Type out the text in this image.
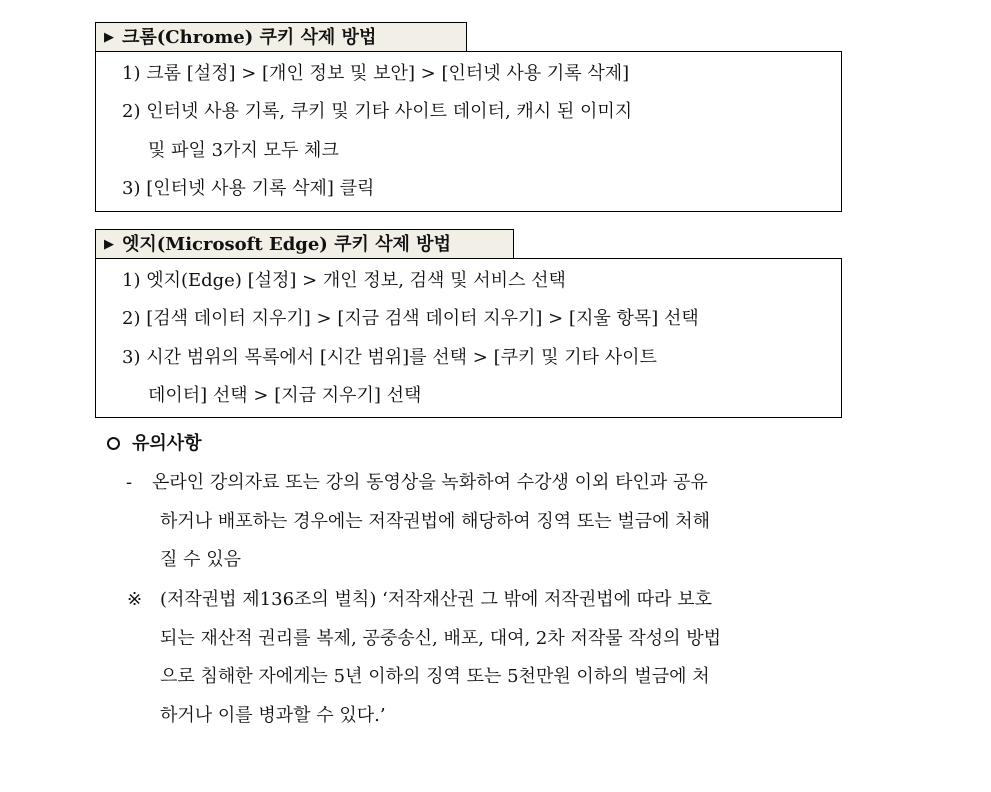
▶ 크롬(Chrome) 쿠키 삭제 방법
1) 크롬 [설정] > [개인 정보 및 보안] > [인터넷 사용 기록 삭제]
2) 인터넷 사용 기록, 쿠키 및 기타 사이트 데이터, 캐시 된 이미지
및 파일 3가지 모두 체크
3) [인터넷 사용 기록 삭제] 클릭
▶ 엣지(Microsoft Edge) 쿠키 삭제 방법
1) 엣지(Edge) [설정] > 개인 정보, 검색 및 서비스 선택
2) [검색 데이터 지우기] > [지금 검색 데이터 지우기] > [지울 항목] 선택
3) 시간 범위의 목록에서 [시간 범위]를 선택 > [쿠키 및 기타 사이트
데이터] 선택 > [지금 지우기] 선택
유의사항
- 온라인 강의자료 또는 강의 동영상을 녹화하여 수강생 이외 타인과 공유
하거나 배포하는 경우에는 저작권법에 해당하여 징역 또는 벌금에 처해
질 수 있음
※ (저작권법 제136조의 벌칙) ‘저작재산권 그 밖에 저작권법에 따라 보호
되는 재산적 권리를 복제, 공중송신, 배포, 대여, 2차 저작물 작성의 방법
으로 침해한 자에게는 5년 이하의 징역 또는 5천만원 이하의 벌금에 처
하거나 이를 병과할 수 있다.’
